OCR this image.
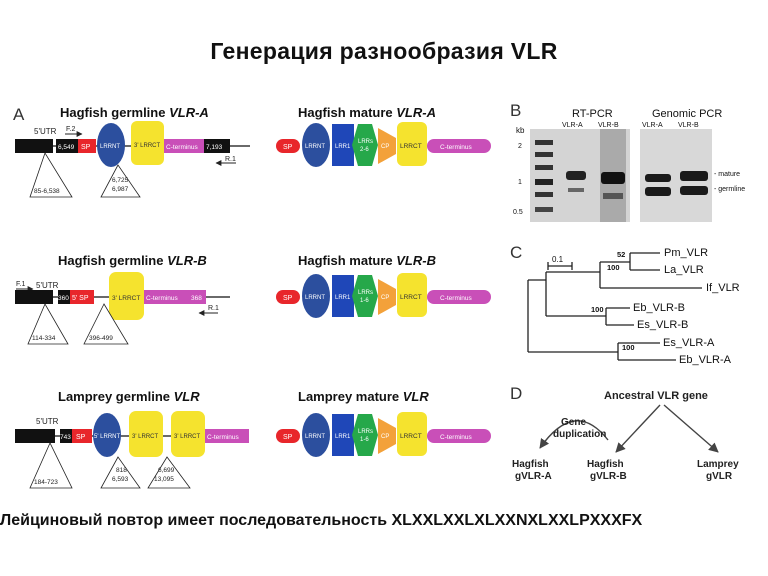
Генерация разнообразия VLR
A	Hagfish germline VLR-A
5'UTR F.2
6,549 SP LRRNT 3' LRRCT C-terminus 7,193
R.1
85-6,538
6,725
6,987
Hagfish mature VLR-A
SP LRRNT LRR1
LRRs
2-6 CP LRRCT	C-terminus
Hagfish germline VLR-B
F.1 5'UTR
360 5' SP	3' LRRCT C-terminus 368
R.1
114-334	396-499
Hagfish mature VLR-B
SP LRRNT LRR1
LRRs
1-6 CP LRRCT	C-terminus
Lamprey germline VLR
5'UTR
743 SP 5' LRRNT 3' LRRCT	3' LRRCT C-terminus
184-723
818
6,593
6,699
13,095
Lamprey mature VLR
SP LRRNT LRR1
LRRs
1-6 CP LRRCT	C-terminus
B	RT-PCR	Genomic PCR
VLR-A VLR-B	VLR-A VLR-B
kb
2
1
0.5
- mature
- germline
C	0.1
Pm_VLR
La_VLR
If_VLR
Eb_VLR-B
Es_VLR-B
Es_VLR-A
Eb_VLR-A
52
100
100
100
D	Ancestral VLR gene
Gene
duplication
Hagfish
gVLR-A
Hagfish
gVLR-B
Lamprey
gVLR
Лейциновый повтор имеет последовательность XLXXLXXLXLXXNXLXXLPXXXFX
